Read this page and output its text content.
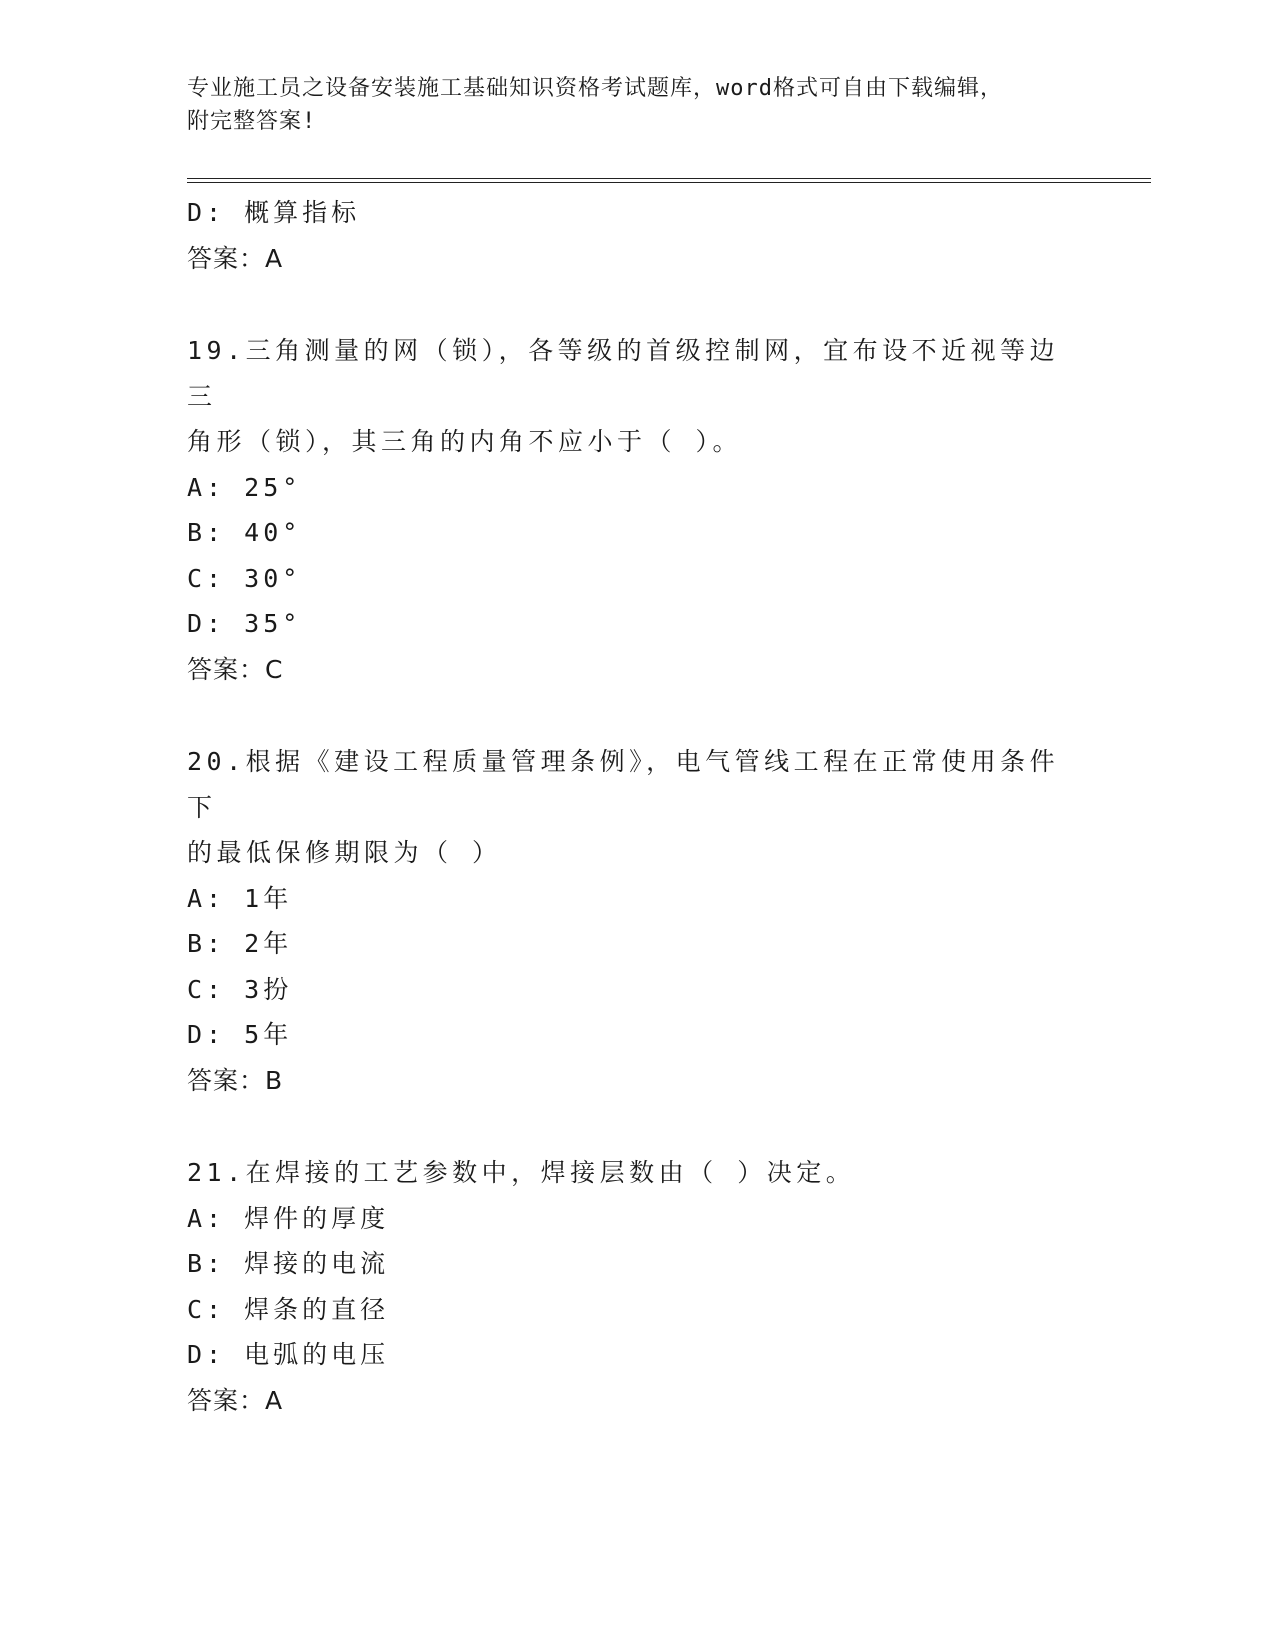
专业施工员之设备安装施工基础知识资格考试题库，word格式可自由下载编辑，
附完整答案!
D: 概算指标
答案：A
19.三角测量的网（锁），各等级的首级控制网，宜布设不近视等边三
角形（锁），其三角的内角不应小于（ ）。
A: 25°
B: 40°
C: 30°
D: 35°
答案：C
20.根据《建设工程质量管理条例》，电气管线工程在正常使用条件下
的最低保修期限为（ ）
A: 1年
B: 2年
C: 3扮
D: 5年
答案：B
21.在焊接的工艺参数中，焊接层数由（ ）决定。
A: 焊件的厚度
B: 焊接的电流
C: 焊条的直径
D: 电弧的电压
答案：A
